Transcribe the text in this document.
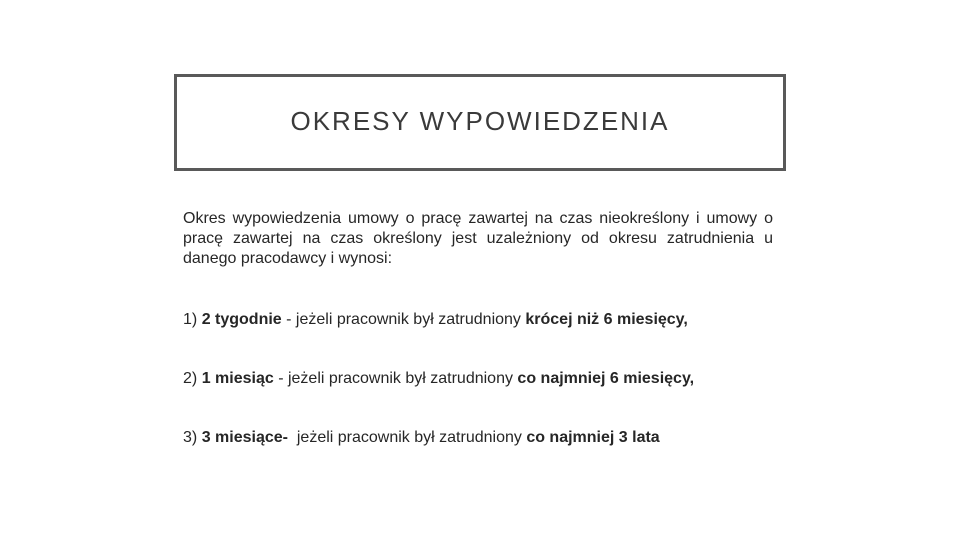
OKRESY WYPOWIEDZENIA

Okres wypowiedzenia umowy o pracę zawartej na czas nieokreślony i umowy o pracę zawartej na czas określony jest uzależniony od okresu zatrudnienia u danego pracodawcy i wynosi:

1) 2 tygodnie - jeżeli pracownik był zatrudniony krócej niż 6 miesięcy,
2) 1 miesiąc - jeżeli pracownik był zatrudniony co najmniej 6 miesięcy,
3) 3 miesiące-  jeżeli pracownik był zatrudniony co najmniej 3 lata
